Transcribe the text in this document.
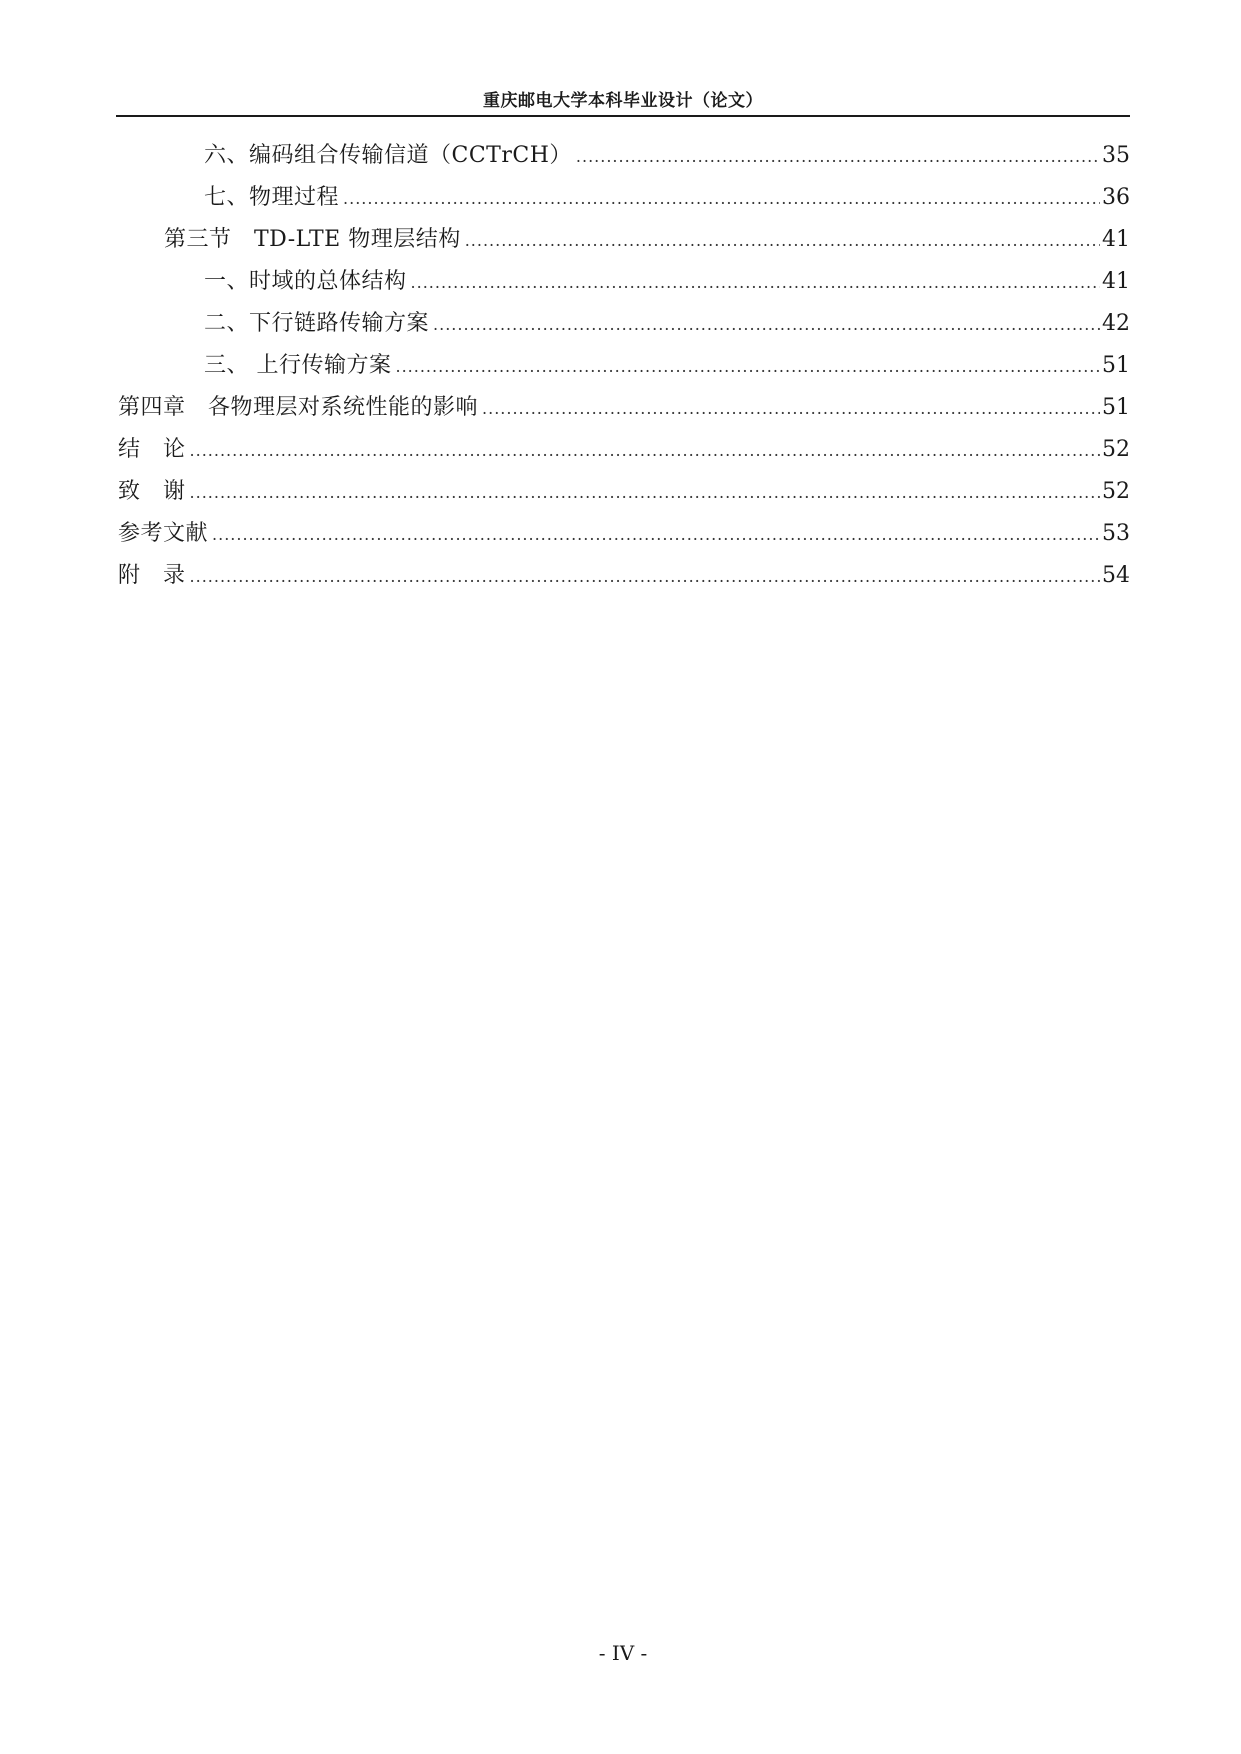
重庆邮电大学本科毕业设计（论文）
六、编码组合传输信道（CCTrCH） .....	35
七、物理过程 .....	36
第三节　TD-LTE 物理层结构 .....	41
一、时域的总体结构 .....	41
二、下行链路传输方案 .....	42
三、 上行传输方案 .....	51
第四章　各物理层对系统性能的影响 .....	51
结　论 .....	52
致　谢 .....	52
参考文献 .....	53
附　录 .....	54
- IV -
